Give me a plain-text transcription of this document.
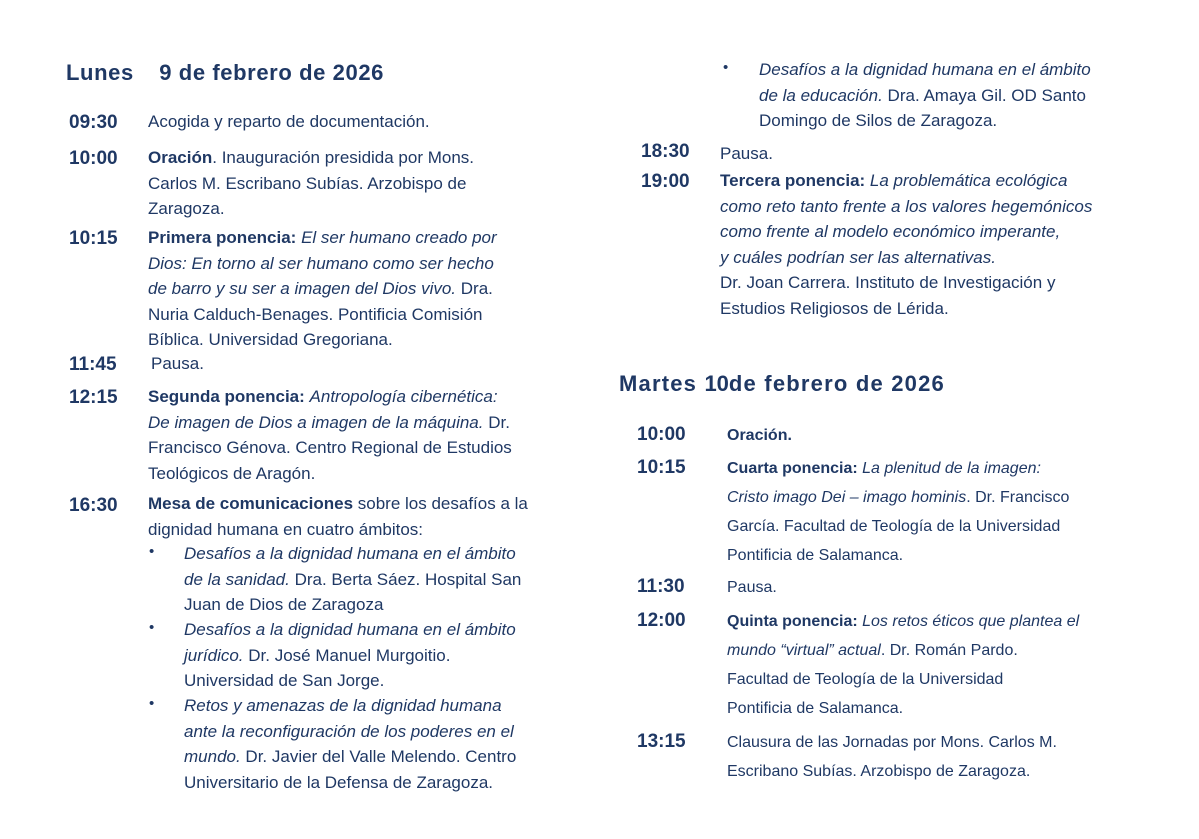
Lunes 9 de febrero de 2026
09:30 Acogida y reparto de documentación.
10:00 Oración. Inauguración presidida por Mons.
Carlos M. Escribano Subías. Arzobispo de
Zaragoza.
10:15 Primera ponencia: El ser humano creado por
Dios: En torno al ser humano como ser hecho
de barro y su ser a imagen del Dios vivo. Dra.
Nuria Calduch-Benages. Pontificia Comisión
Bíblica. Universidad Gregoriana.
11:45 Pausa.
12:15 Segunda ponencia: Antropología cibernética:
De imagen de Dios a imagen de la máquina. Dr.
Francisco Génova. Centro Regional de Estudios
Teológicos de Aragón.
16:30 Mesa de comunicaciones sobre los desafíos a la
dignidad humana en cuatro ámbitos:
• Desafíos a la dignidad humana en el ámbito
de la sanidad. Dra. Berta Sáez. Hospital San
Juan de Dios de Zaragoza
• Desafíos a la dignidad humana en el ámbito
jurídico. Dr. José Manuel Murgoitio.
Universidad de San Jorge.
• Retos y amenazas de la dignidad humana
ante la reconfiguración de los poderes en el
mundo. Dr. Javier del Valle Melendo. Centro
Universitario de la Defensa de Zaragoza.
• Desafíos a la dignidad humana en el ámbito
de la educación. Dra. Amaya Gil. OD Santo
Domingo de Silos de Zaragoza.
18:30 Pausa.
19:00 Tercera ponencia: La problemática ecológica
como reto tanto frente a los valores hegemónicos
como frente al modelo económico imperante,
y cuáles podrían ser las alternativas.
Dr. Joan Carrera. Instituto de Investigación y
Estudios Religiosos de Lérida.
Martes 10de febrero de 2026
10:00	Oración.
10:15	Cuarta ponencia: La plenitud de la imagen:
Cristo imago Dei – imago hominis. Dr. Francisco
García. Facultad de Teología de la Universidad
Pontificia de Salamanca.
11:30	Pausa.
12:00	Quinta ponencia: Los retos éticos que plantea el
mundo “virtual” actual. Dr. Román Pardo.
Facultad de Teología de la Universidad
Pontificia de Salamanca.
13:15	Clausura de las Jornadas por Mons. Carlos M.
Escribano Subías. Arzobispo de Zaragoza.
